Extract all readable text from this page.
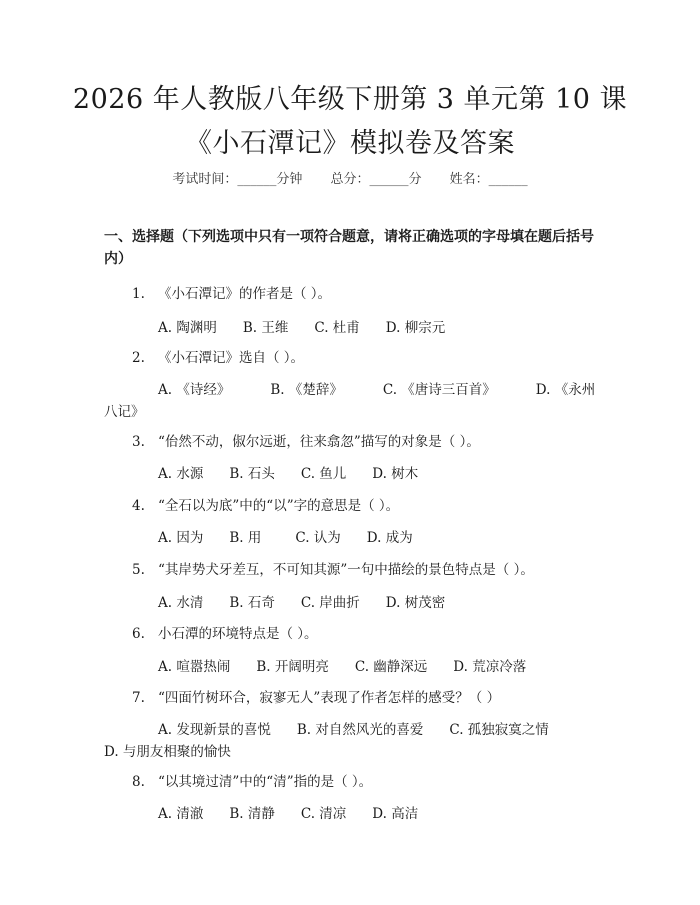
2026 年人教版八年级下册第 3 单元第 10 课
《小石潭记》模拟卷及答案
考试时间：______分钟 总分：______分 姓名：______
一、选择题（下列选项中只有一项符合题意，请将正确选项的字母填在题后括号内）
1. 《小石潭记》的作者是（ ）。
A. 陶渊明 B. 王维 C. 杜甫 D. 柳宗元
2. 《小石潭记》选自（ ）。
A. 《诗经》	B. 《楚辞》	C. 《唐诗三百首》	D. 《永州
八记》
3. “佁然不动，俶尔远逝，往来翕忽”描写的对象是（ ）。
A. 水源 B. 石头 C. 鱼儿 D. 树木
4. “全石以为底”中的“以”字的意思是（ ）。
A. 因为 B. 用	C. 认为 D. 成为
5. “其岸势犬牙差互，不可知其源”一句中描绘的景色特点是（ ）。
A. 水清 B. 石奇 C. 岸曲折 D. 树茂密
6. 小石潭的环境特点是（ ）。
A. 喧嚣热闹 B. 开阔明亮 C. 幽静深远 D. 荒凉冷落
7. “四面竹树环合，寂寥无人”表现了作者怎样的感受？（ ）
A. 发现新景的喜悦 B. 对自然风光的喜爱 C. 孤独寂寞之情
D. 与朋友相聚的愉快
8. “以其境过清”中的“清”指的是（ ）。
A. 清澈 B. 清静 C. 清凉 D. 高洁
